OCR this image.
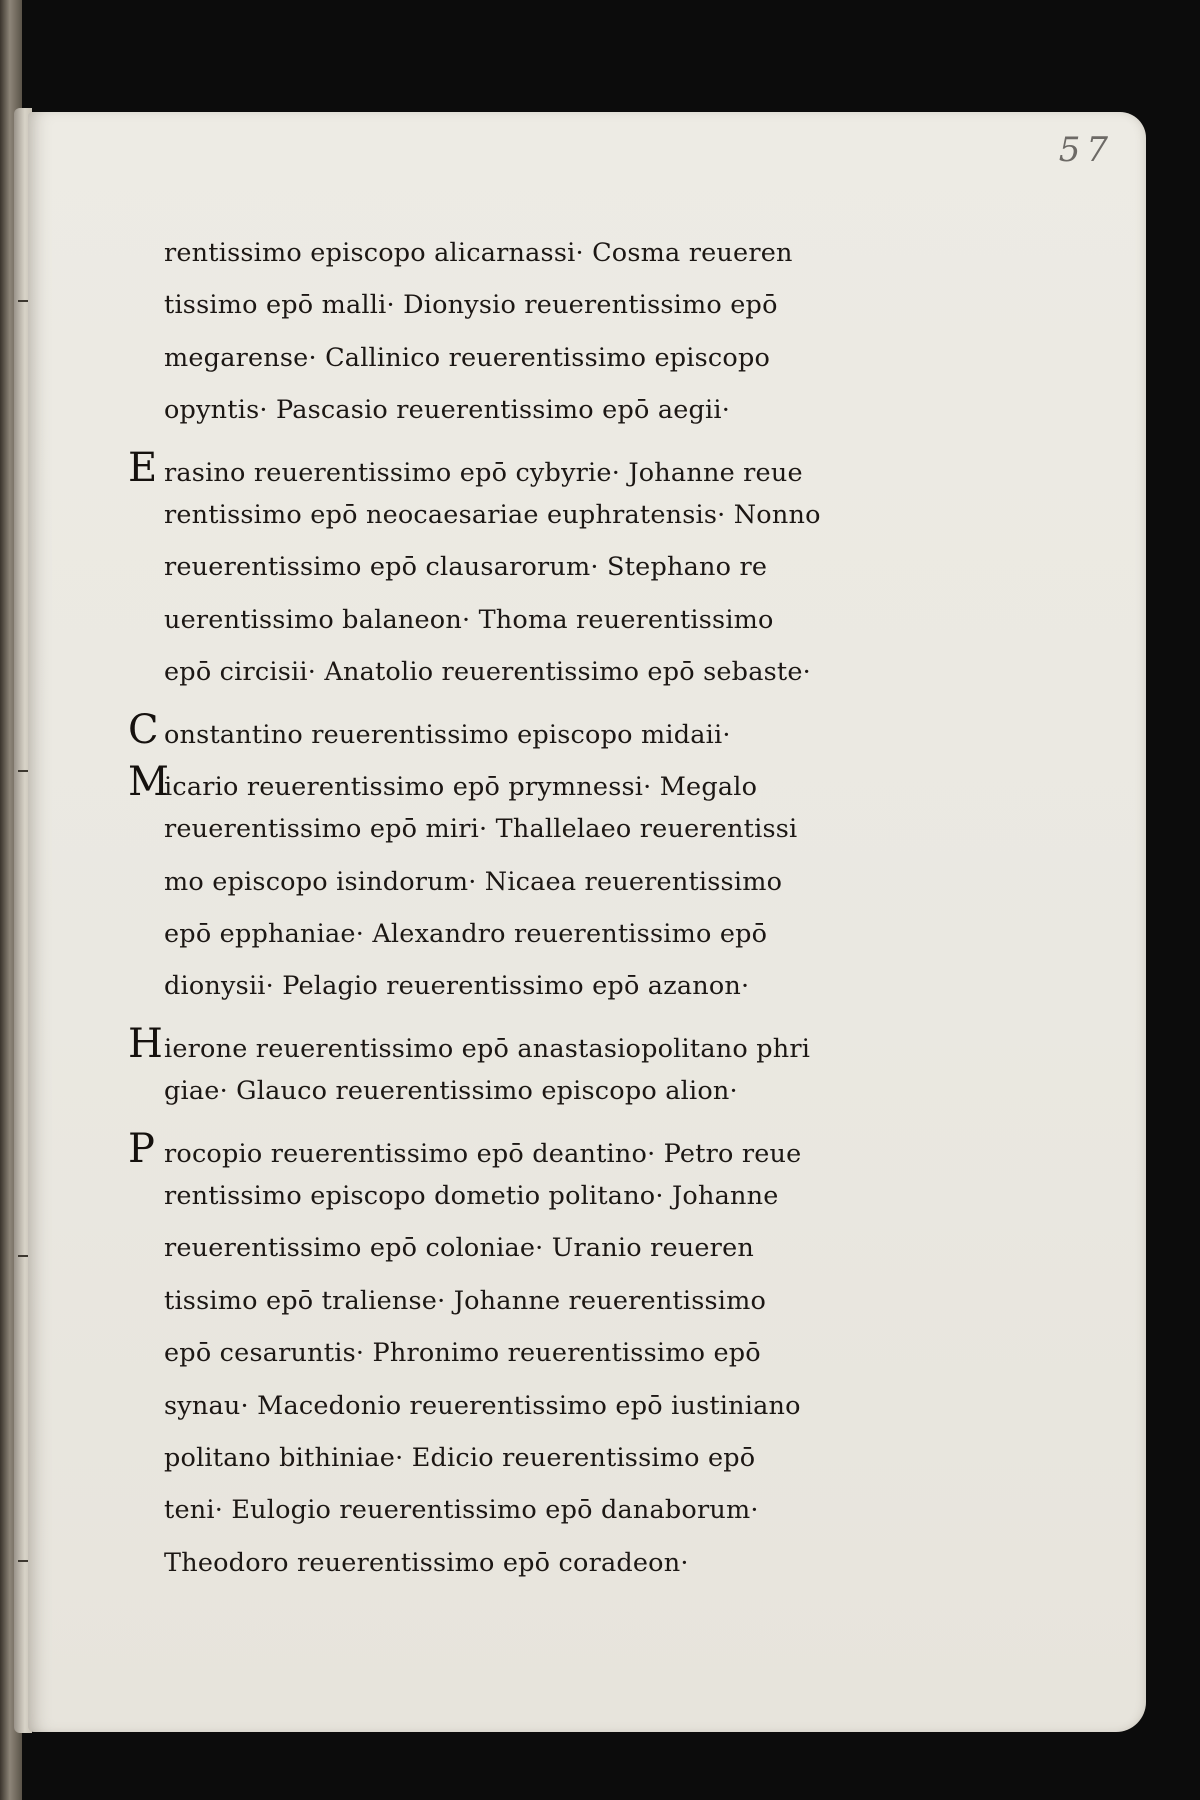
57
rentissimo episcopo alicarnassi· Cosma reueren
tissimo epō malli· Dionysio reuerentissimo epō
megarense· Callinico reuerentissimo episcopo
opyntis· Pascasio reuerentissimo epō aegii·
E rasino reuerentissimo epō cybyrie· Johanne reue
rentissimo epō neocaesariae euphratensis· Nonno
reuerentissimo epō clausarorum· Stephano re
uerentissimo balaneon· Thoma reuerentissimo
epō circisii· Anatolio reuerentissimo epō sebaste·
C onstantino reuerentissimo episcopo midaii·
M
icario reuerentissimo epō prymnessi· Megalo
reuerentissimo epō miri· Thallelaeo reuerentissi
mo episcopo isindorum· Nicaea reuerentissimo
epō epphaniae· Alexandro reuerentissimo epō
dionysii· Pelagio reuerentissimo epō azanon·
H ierone reuerentissimo epō anastasiopolitano phri
giae· Glauco reuerentissimo episcopo alion·
P rocopio reuerentissimo epō deantino· Petro reue
rentissimo episcopo dometio politano· Johanne
reuerentissimo epō coloniae· Uranio reueren
tissimo epō traliense· Johanne reuerentissimo
epō cesaruntis· Phronimo reuerentissimo epō
synau· Macedonio reuerentissimo epō iustiniano
politano bithiniae· Edicio reuerentissimo epō
teni· Eulogio reuerentissimo epō danaborum·
Theodoro reuerentissimo epō coradeon·
